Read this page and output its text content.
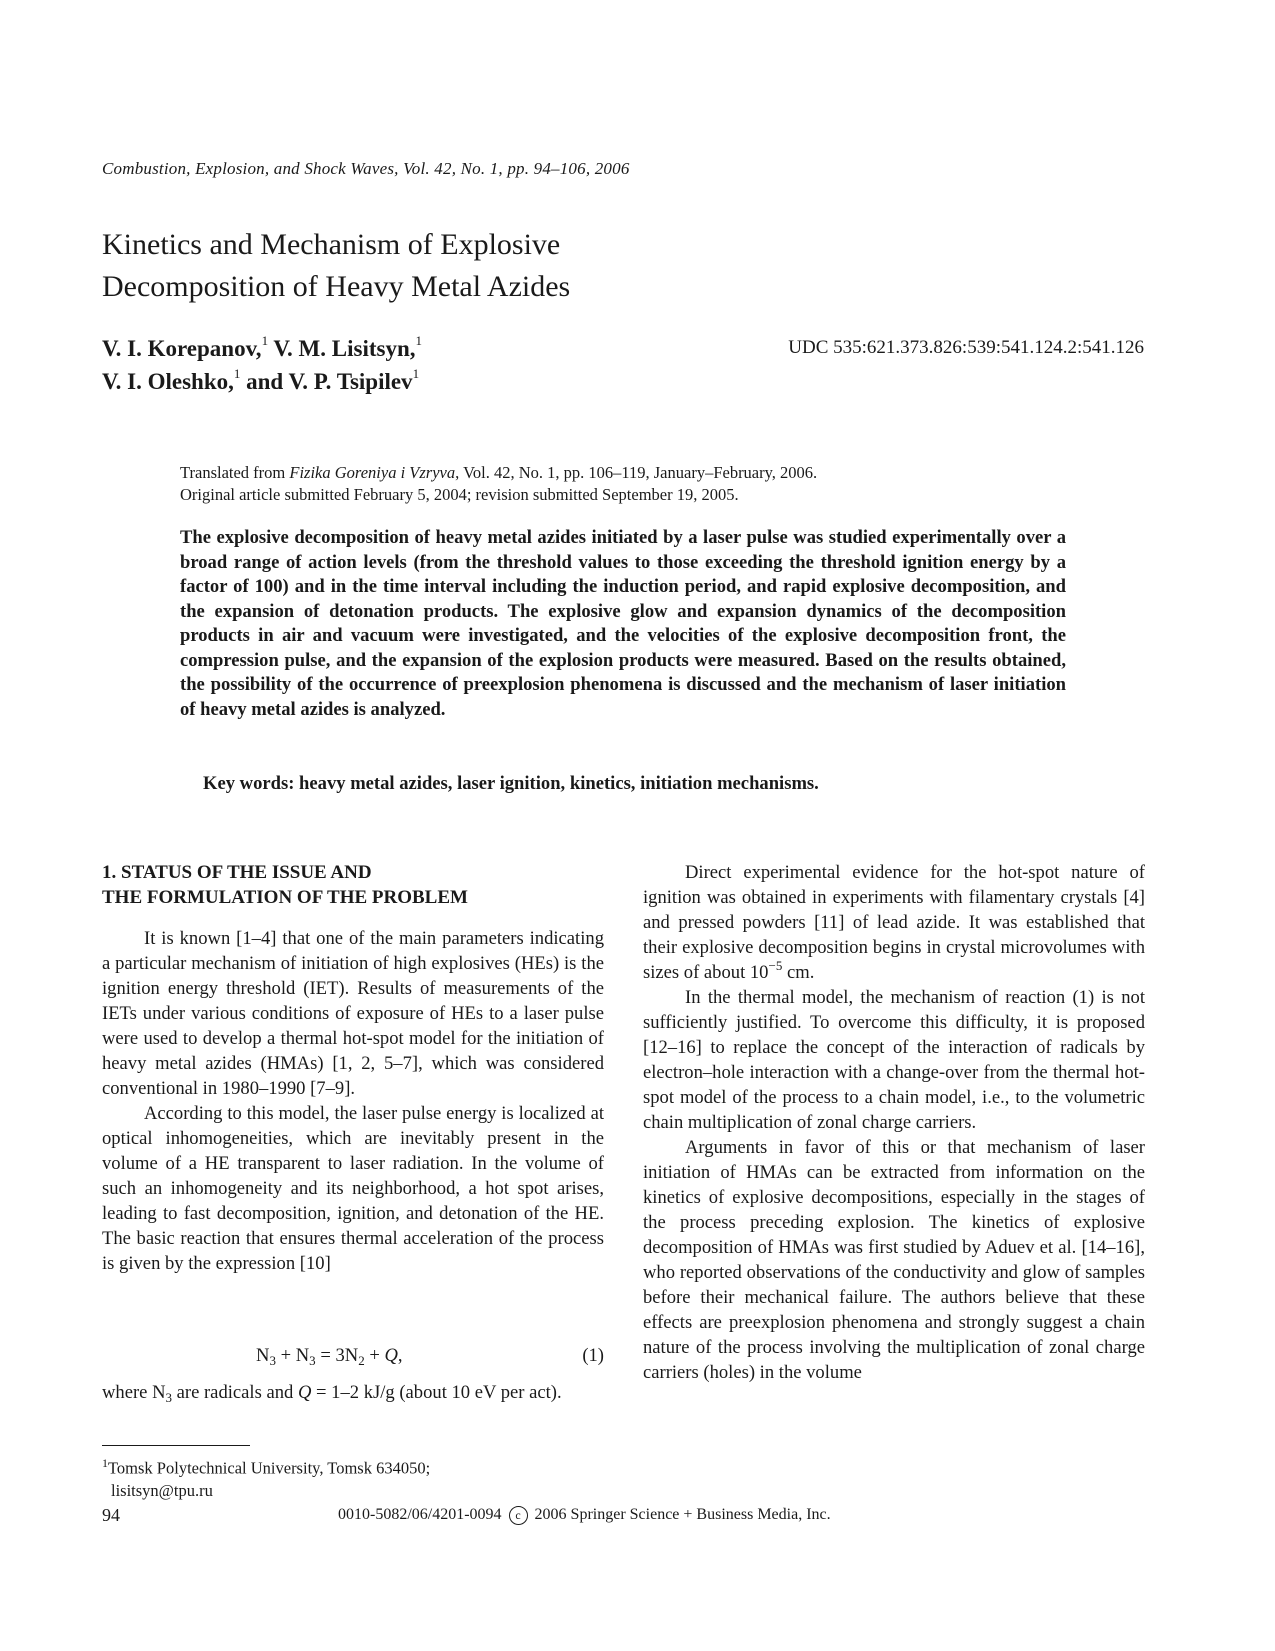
Combustion, Explosion, and Shock Waves, Vol. 42, No. 1, pp. 94–106, 2006
Kinetics and Mechanism of Explosive
Decomposition of Heavy Metal Azides
V. I. Korepanov,$^1$ V. M. Lisitsyn,$^1$
V. I. Oleshko,$^1$ and V. P. Tsipilev$^1$
UDC 535:621.373.826:539:541.124.2:541.126
Translated from Fizika Goreniya i Vzryva, Vol. 42, No. 1, pp. 106–119, January–February, 2006.
Original article submitted February 5, 2004; revision submitted September 19, 2005.
The explosive decomposition of heavy metal azides initiated by a laser pulse was studied experimentally over a broad range of action levels (from the threshold values to those exceeding the threshold ignition energy by a factor of 100) and in the time interval including the induction period, and rapid explosive decomposition, and the expansion of detonation products. The explosive glow and expansion dynamics of the decomposition products in air and vacuum were investigated, and the velocities of the explosive decomposition front, the compression pulse, and the expansion of the explosion products were measured. Based on the results obtained, the possibility of the occurrence of preexplosion phenomena is discussed and the mechanism of laser initiation of heavy metal azides is analyzed.
Key words: heavy metal azides, laser ignition, kinetics, initiation mechanisms.
1. STATUS OF THE ISSUE AND
THE FORMULATION OF THE PROBLEM

It is known [1–4] that one of the main parameters indicating a particular mechanism of initiation of high explosives (HEs) is the ignition energy threshold (IET). Results of measurements of the IETs under various conditions of exposure of HEs to a laser pulse were used to develop a thermal hot-spot model for the initiation of heavy metal azides (HMAs) [1, 2, 5–7], which was considered conventional in 1980–1990 [7–9].

According to this model, the laser pulse energy is localized at optical inhomogeneities, which are inevitably present in the volume of a HE transparent to laser radiation. In the volume of such an inhomogeneity and its neighborhood, a hot spot arises, leading to fast decomposition, ignition, and detonation of the HE. The basic reaction that ensures thermal acceleration of the process is given by the expression [10]

$N_3 + N_3 = 3N_2 + Q$,	(1)

where $N_3$ are radicals and Q = 1–2 kJ/g (about 10 eV per act).

Direct experimental evidence for the hot-spot nature of ignition was obtained in experiments with filamentary crystals [4] and pressed powders [11] of lead azide. It was established that their explosive decomposition begins in crystal microvolumes with sizes of about $10^{-5}$ cm.

In the thermal model, the mechanism of reaction (1) is not sufficiently justified. To overcome this difficulty, it is proposed [12–16] to replace the concept of the interaction of radicals by electron–hole interaction with a change-over from the thermal hot-spot model of the process to a chain model, i.e., to the volumetric chain multiplication of zonal charge carriers.

Arguments in favor of this or that mechanism of laser initiation of HMAs can be extracted from information on the kinetics of explosive decompositions, especially in the stages of the process preceding explosion. The kinetics of explosive decomposition of HMAs was first studied by Aduev et al. [14–16], who reported observations of the conductivity and glow of samples before their mechanical failure. The authors believe that these effects are preexplosion phenomena and strongly suggest a chain nature of the process involving the multiplication of zonal charge carriers (holes) in the volume

$^1$Tomsk Polytechnical University, Tomsk 634050;
lisitsyn@tpu.ru
94	0010-5082/06/4201-0094 c 2006 Springer Science + Business Media, Inc.
